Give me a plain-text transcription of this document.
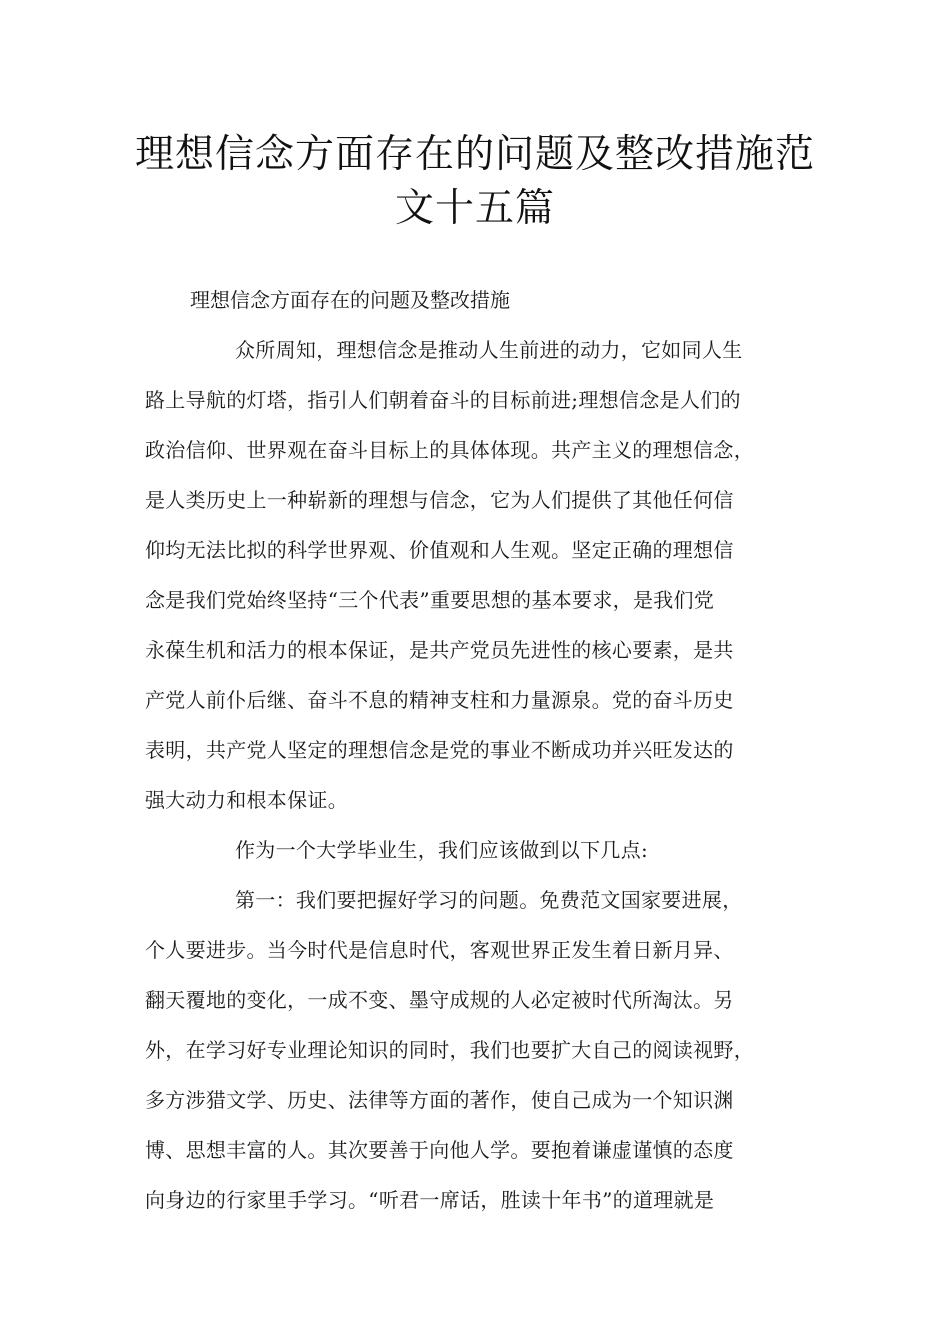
理想信念方面存在的问题及整改措施范
文十五篇
理想信念方面存在的问题及整改措施
众所周知，理想信念是推动人生前进的动力，它如同人生
路上导航的灯塔，指引人们朝着奋斗的目标前进;理想信念是人们的
政治信仰、世界观在奋斗目标上的具体体现。共产主义的理想信念，
是人类历史上一种崭新的理想与信念，它为人们提供了其他任何信
仰均无法比拟的科学世界观、价值观和人生观。坚定正确的理想信
念是我们党始终坚持“三个代表”重要思想的基本要求，是我们党
永葆生机和活力的根本保证，是共产党员先进性的核心要素，是共
产党人前仆后继、奋斗不息的精神支柱和力量源泉。党的奋斗历史
表明，共产党人坚定的理想信念是党的事业不断成功并兴旺发达的
强大动力和根本保证。
作为一个大学毕业生，我们应该做到以下几点:
第一：我们要把握好学习的问题。免费范文国家要进展，
个人要进步。当今时代是信息时代，客观世界正发生着日新月异、
翻天覆地的变化，一成不变、墨守成规的人必定被时代所淘汰。另
外，在学习好专业理论知识的同时，我们也要扩大自己的阅读视野，
多方涉猎文学、历史、法律等方面的著作，使自己成为一个知识渊
博、思想丰富的人。其次要善于向他人学。要抱着谦虚谨慎的态度
向身边的行家里手学习。“听君一席话，胜读十年书”的道理就是
